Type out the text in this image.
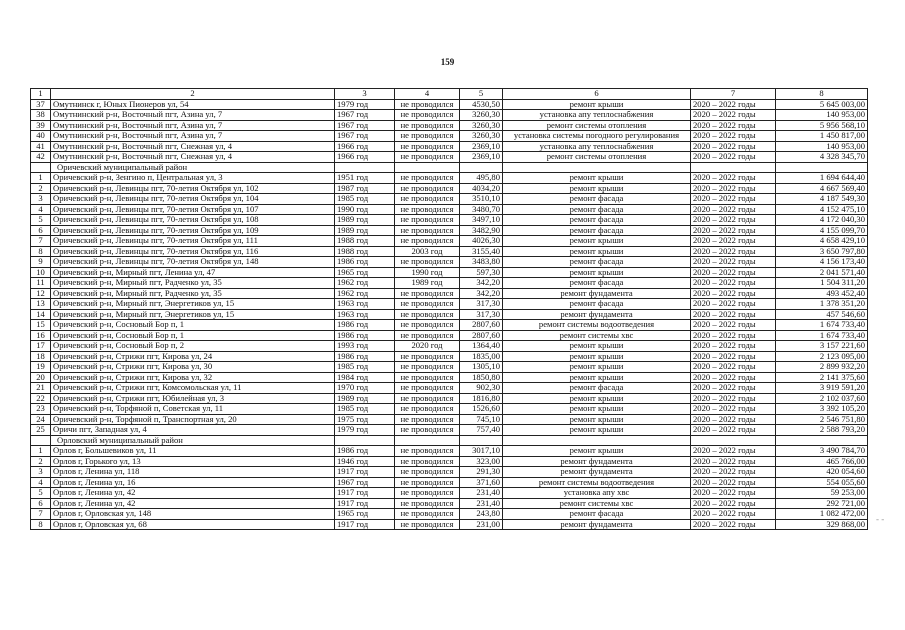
159
1	2	3	4	5	6	7	8
37	Омутнинск г, Юных Пионеров ул, 54	1979 год	не проводился	4530,50	ремонт крыши	2020 – 2022 годы	5 645 003,00
38	Омутнинский р-н, Восточный пгт, Азина ул, 7	1967 год	не проводился	3260,30	установка апу теплоснабжения	2020 – 2022 годы	140 953,00
39	Омутнинский р-н, Восточный пгт, Азина ул, 7	1967 год	не проводился	3260,30	ремонт системы отопления	2020 – 2022 годы	5 956 568,10
40	Омутнинский р-н, Восточный пгт, Азина ул, 7	1967 год	не проводился	3260,30	установка системы погодного регулирования	2020 – 2022 годы	1 450 817,00
41	Омутнинский р-н, Восточный пгт, Снежная ул, 4	1966 год	не проводился	2369,10	установка апу теплоснабжения	2020 – 2022 годы	140 953,00
42	Омутнинский р-н, Восточный пгт, Снежная ул, 4	1966 год	не проводился	2369,10	ремонт системы отопления	2020 – 2022 годы	4 328 345,70
	Оричевский муниципальный район						
1	Оричевский р-н, Зенгино п, Центральная ул, 3	1951 год	не проводился	495,80	ремонт крыши	2020 – 2022 годы	1 694 644,40
2	Оричевский р-н, Левинцы пгт, 70-летия Октября ул, 102	1987 год	не проводился	4034,20	ремонт крыши	2020 – 2022 годы	4 667 569,40
3	Оричевский р-н, Левинцы пгт, 70-летия Октября ул, 104	1985 год	не проводился	3510,10	ремонт фасада	2020 – 2022 годы	4 187 549,30
4	Оричевский р-н, Левинцы пгт, 70-летия Октября ул, 107	1990 год	не проводился	3480,70	ремонт фасада	2020 – 2022 годы	4 152 475,10
5	Оричевский р-н, Левинцы пгт, 70-летия Октября ул, 108	1989 год	не проводился	3497,10	ремонт фасада	2020 – 2022 годы	4 172 040,30
6	Оричевский р-н, Левинцы пгт, 70-летия Октября ул, 109	1989 год	не проводился	3482,90	ремонт фасада	2020 – 2022 годы	4 155 099,70
7	Оричевский р-н, Левинцы пгт, 70-летия Октября ул, 111	1988 год	не проводился	4026,30	ремонт крыши	2020 – 2022 годы	4 658 429,10
8	Оричевский р-н, Левинцы пгт, 70-летия Октября ул, 116	1988 год	2003 год	3155,40	ремонт крыши	2020 – 2022 годы	3 650 797,80
9	Оричевский р-н, Левинцы пгт, 70-летия Октября ул, 148	1986 год	не проводился	3483,80	ремонт фасада	2020 – 2022 годы	4 156 173,40
10	Оричевский р-н, Мирный пгт, Ленина ул, 47	1965 год	1990 год	597,30	ремонт крыши	2020 – 2022 годы	2 041 571,40
11	Оричевский р-н, Мирный пгт, Радченко ул, 35	1962 год	1989 год	342,20	ремонт фасада	2020 – 2022 годы	1 504 311,20
12	Оричевский р-н, Мирный пгт, Радченко ул, 35	1962 год	не проводился	342,20	ремонт фундамента	2020 – 2022 годы	493 452,40
13	Оричевский р-н, Мирный пгт, Энергетиков ул, 15	1963 год	не проводился	317,30	ремонт фасада	2020 – 2022 годы	1 378 351,20
14	Оричевский р-н, Мирный пгт, Энергетиков ул, 15	1963 год	не проводился	317,30	ремонт фундамента	2020 – 2022 годы	457 546,60
15	Оричевский р-н, Сосновый Бор п, 1	1986 год	не проводился	2807,60	ремонт системы водоотведения	2020 – 2022 годы	1 674 733,40
16	Оричевский р-н, Сосновый Бор п, 1	1986 год	не проводился	2807,60	ремонт системы хвс	2020 – 2022 годы	1 674 733,40
17	Оричевский р-н, Сосновый Бор п, 2	1993 год	2020 год	1364,40	ремонт крыши	2020 – 2022 годы	3 157 221,60
18	Оричевский р-н, Стрижи пгт, Кирова ул, 24	1986 год	не проводился	1835,00	ремонт крыши	2020 – 2022 годы	2 123 095,00
19	Оричевский р-н, Стрижи пгт, Кирова ул, 30	1985 год	не проводился	1305,10	ремонт крыши	2020 – 2022 годы	2 899 932,20
20	Оричевский р-н, Стрижи пгт, Кирова ул, 32	1984 год	не проводился	1850,80	ремонт крыши	2020 – 2022 годы	2 141 375,60
21	Оричевский р-н, Стрижи пгт, Комсомольская ул, 11	1970 год	не проводился	902,30	ремонт фасада	2020 – 2022 годы	3 919 591,20
22	Оричевский р-н, Стрижи пгт, Юбилейная ул, 3	1989 год	не проводился	1816,80	ремонт крыши	2020 – 2022 годы	2 102 037,60
23	Оричевский р-н, Торфяной п, Советская ул, 11	1985 год	не проводился	1526,60	ремонт крыши	2020 – 2022 годы	3 392 105,20
24	Оричевский р-н, Торфяной п, Транспортная ул, 20	1975 год	не проводился	745,10	ремонт крыши	2020 – 2022 годы	2 546 751,80
25	Оричи пгт, Западная ул, 4	1979 год	не проводился	757,40	ремонт крыши	2020 – 2022 годы	2 588 793,20
	Орловский муниципальный район						
1	Орлов г, Большевиков ул, 11	1986 год	не проводился	3017,10	ремонт крыши	2020 – 2022 годы	3 490 784,70
2	Орлов г, Горького ул, 13	1946 год	не проводился	323,00	ремонт фундамента	2020 – 2022 годы	465 766,00
3	Орлов г, Ленина ул, 118	1917 год	не проводился	291,30	ремонт фундамента	2020 – 2022 годы	420 054,60
4	Орлов г, Ленина ул, 16	1967 год	не проводился	371,60	ремонт системы водоотведения	2020 – 2022 годы	554 055,60
5	Орлов г, Ленина ул, 42	1917 год	не проводился	231,40	установка апу хвс	2020 – 2022 годы	59 253,00
6	Орлов г, Ленина ул, 42	1917 год	не проводился	231,40	ремонт системы хвс	2020 – 2022 годы	292 721,00
7	Орлов г, Орловская ул, 148	1965 год	не проводился	243,80	ремонт фасада	2020 – 2022 годы	1 082 472,00
8	Орлов г, Орловская ул, 68	1917 год	не проводился	231,00	ремонт фундамента	2020 – 2022 годы	329 868,00 - -
